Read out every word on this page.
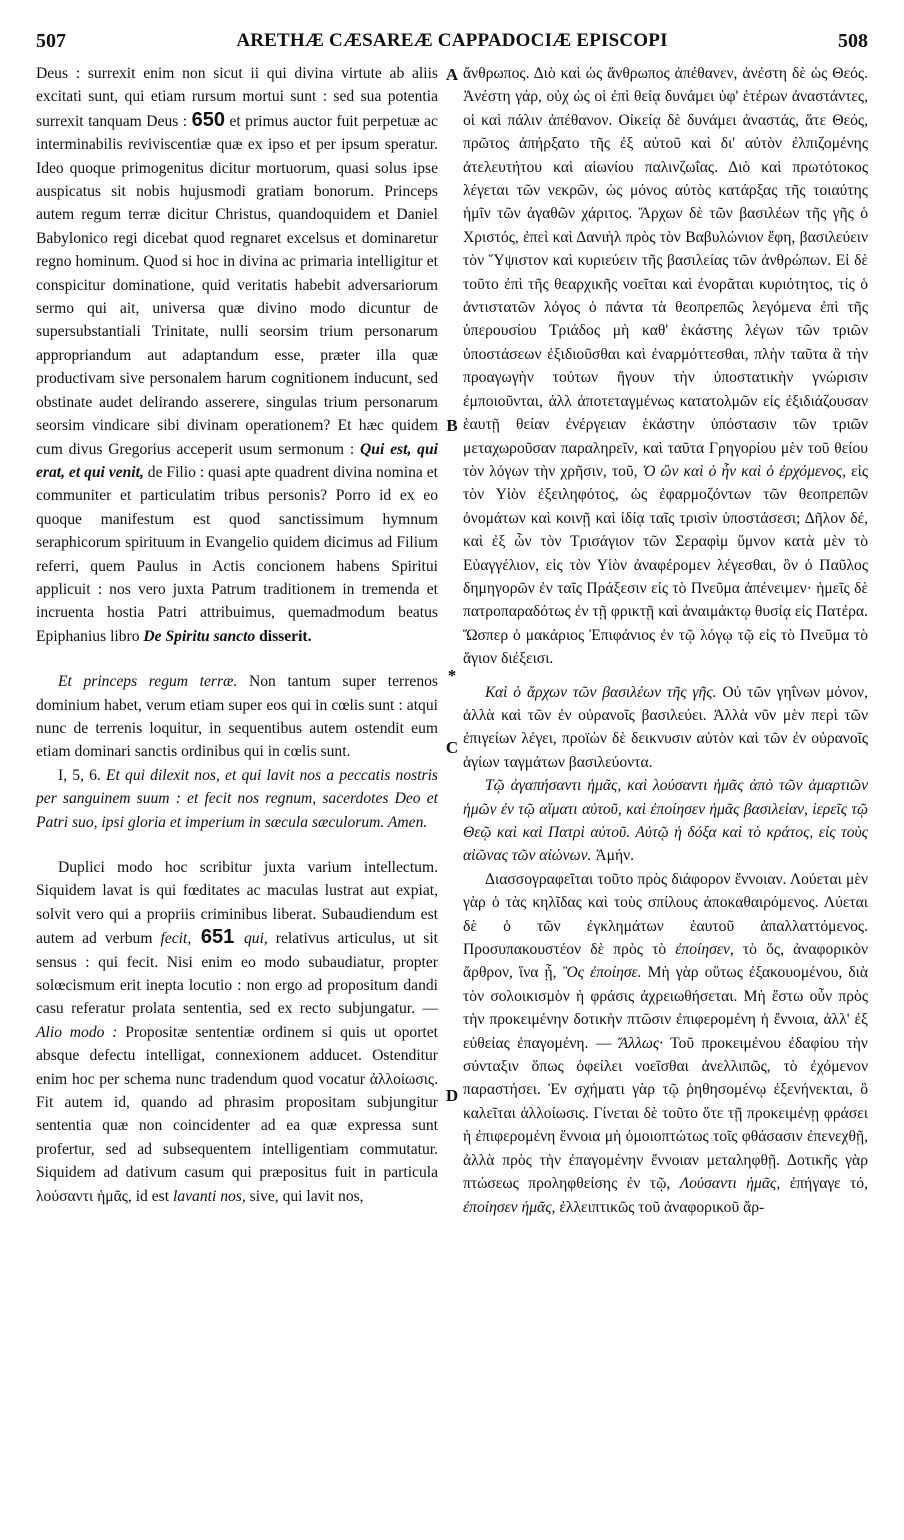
507	ARETHÆ CÆSAREÆ CAPPADOCIÆ EPISCOPI	508
A
B
*
C
D

Deus : surrexit enim non sicut ii qui divina virtute ab aliis excitati sunt, qui etiam rursum mortui sunt : sed sua potentia surrexit tanquam Deus : 650 et primus auctor fuit perpetuæ ac interminabilis reviviscentiæ quæ ex ipso et per ipsum speratur. Ideo quoque primogenitus dicitur mortuorum, quasi solus ipse auspicatus sit nobis hujusmodi gratiam bonorum. Princeps autem regum terræ dicitur Christus, quandoquidem et Daniel Babylonico regi dicebat quod regnaret excelsus et dominaretur regno hominum. Quod si hoc in divina ac primaria intelligitur et conspicitur dominatione, quid veritatis habebit adversariorum sermo qui ait, universa quæ divino modo dicuntur de supersubstantiali Trinitate, nulli seorsim trium personarum appropriandum aut adaptandum esse, præter illa quæ productivam sive personalem harum cognitionem inducunt, sed obstinate audet delirando asserere, singulas trium personarum seorsim vindicare sibi divinam operationem? Et hæc quidem cum divus Gregorius acceperit usum sermonum : Qui est, qui erat, et qui venit, de Filio : quasi apte quadrent divina nomina et communiter et particulatim tribus personis? Porro id ex eo quoque manifestum est quod sanctissimum hymnum seraphicorum spirituum in Evangelio quidem dicimus ad Filium referri, quem Paulus in Actis concionem habens Spiritui applicuit : nos vero juxta Patrum traditionem in tremenda et incruenta hostia Patri attribuimus, quemadmodum beatus Epiphanius libro De Spiritu sancto disserit.

Et princeps regum terræ. Non tantum super terrenos dominium habet, verum etiam super eos qui in cœlis sunt : atqui nunc de terrenis loquitur, in sequentibus autem ostendit eum etiam dominari sanctis ordinibus qui in cœlis sunt.

I, 5, 6. Et qui dilexit nos, et qui lavit nos a peccatis nostris per sanguinem suum : et fecit nos regnum, sacerdotes Deo et Patri suo, ipsi gloria et imperium in sæcula sæculorum. Amen.

Duplici modo hoc scribitur juxta varium intellectum. Siquidem lavat is qui fœditates ac maculas lustrat aut expiat, solvit vero qui a propriis criminibus liberat. Subaudiendum est autem ad verbum fecit, 651 qui, relativus articulus, ut sit sensus : qui fecit. Nisi enim eo modo subaudiatur, propter solœcismum erit inepta locutio : non ergo ad propositum dandi casu referatur prolata sententia, sed ex recto subjungatur. — Alio modo : Propositæ sententiæ ordinem si quis ut oportet absque defectu intelligat, connexionem adducet. Ostenditur enim hoc per schema nunc tradendum quod vocatur ἀλλοίωσις. Fit autem id, quando ad phrasim propositam subjungitur sententia quæ non coincidenter ad ea quæ expressa sunt profertur, sed ad subsequentem intelligentiam commutatur. Siquidem ad dativum casum qui præpositus fuit in particula λούσαντι ἡμᾶς, id est lavanti nos, sive, qui lavit nos,

ἄνθρωπος. Διὸ καὶ ὡς ἄνθρωπος ἀπέθανεν, ἀνέστη δὲ ὡς Θεός. Ἀνέστη γάρ, οὐχ ὡς οἱ ἐπὶ θείᾳ δυνάμει ὑφ' ἑτέρων ἀναστάντες, οἱ καὶ πάλιν ἀπέθανον. Οἰκείᾳ δὲ δυνάμει ἀναστάς, ἅτε Θεός, πρῶτος ἀπήρξατο τῆς ἐξ αὐτοῦ καὶ δι' αὐτὸν ἐλπιζομένης ἀτελευτήτου καὶ αἰωνίου παλινζωΐας. Διὸ καὶ πρωτότοκος λέγεται τῶν νεκρῶν, ὡς μόνος αὐτὸς κατάρξας τῆς τοιαύτης ἡμῖν τῶν ἀγαθῶν χάριτος. Ἄρχων δὲ τῶν βασιλέων τῆς γῆς ὁ Χριστός, ἐπεὶ καὶ Δανιὴλ πρὸς τὸν Βαβυλώνιον ἔφη, βασιλεύειν τὸν Ὕψιστον καὶ κυριεύειν τῆς βασιλείας τῶν ἀνθρώπων. Εἰ δὲ τοῦτο ἐπὶ τῆς θεαρχικῆς νοεῖται καὶ ἐνορᾶται κυριότητος, τίς ὁ ἀντιστατῶν λόγος ὁ πάντα τὰ θεοπρεπῶς λεγόμενα ἐπὶ τῆς ὑπερουσίου Τριάδος μὴ καθ' ἑκάστης λέγων τῶν τριῶν ὑποστάσεων ἐξιδιοῦσθαι καὶ ἐναρμόττεσθαι, πλὴν ταῦτα ἃ τὴν προαγωγὴν τούτων ἤγουν τὴν ὑποστατικὴν γνώρισιν ἐμποιοῦνται, ἀλλ ἀποτεταγμένως κατατολμῶν εἰς ἐξιδιάζουσαν ἑαυτῇ θείαν ἐνέργειαν ἑκάστην ὑπόστασιν τῶν τριῶν μεταχωροῦσαν παραληρεῖν, καὶ ταῦτα Γρηγορίου μὲν τοῦ θείου τὸν λόγων τὴν χρῆσιν, τοῦ, Ὁ ὢν καὶ ὁ ἦν καὶ ὁ ἐρχόμενος, εἰς τὸν Υἱὸν ἐξειληφότος, ὡς ἐφαρμοζόντων τῶν θεοπρεπῶν ὀνομάτων καὶ κοινῇ καὶ ἰδίᾳ ταῖς τρισὶν ὑποστάσεσι; Δῆλον δέ, καὶ ἐξ ὧν τὸν Τρισάγιον τῶν Σεραφὶμ ὕμνον κατὰ μὲν τὸ Εὐαγγέλιον, εἰς τὸν Υἱὸν ἀναφέρομεν λέγεσθαι, ὃν ὁ Παῦλος δημηγορῶν ἐν ταῖς Πράξεσιν εἰς τὸ Πνεῦμα ἀπένειμεν· ἡμεῖς δὲ πατροπαραδότως ἐν τῇ φρικτῇ καὶ ἀναιμάκτῳ θυσίᾳ εἰς Πατέρα. Ὥσπερ ὁ μακάριος Ἐπιφάνιος ἐν τῷ λόγῳ τῷ εἰς τὸ Πνεῦμα τὸ ἅγιον διέξεισι.

Καὶ ὁ ἄρχων τῶν βασιλέων τῆς γῆς. Οὐ τῶν γηΐνων μόνον, ἀλλὰ καὶ τῶν ἐν οὐρανοῖς βασιλεύει. Ἀλλὰ νῦν μὲν περὶ τῶν ἐπιγείων λέγει, προϊὼν δὲ δεικνυσιν αὐτὸν καὶ τῶν ἐν οὐρανοῖς ἁγίων ταγμάτων βασιλεύοντα.

Τῷ ἀγαπήσαντι ἡμᾶς, καὶ λούσαντι ἡμᾶς ἀπὸ τῶν ἁμαρτιῶν ἡμῶν ἐν τῷ αἵματι αὐτοῦ, καὶ ἐποίησεν ἡμᾶς βασιλείαν, ἱερεῖς τῷ Θεῷ καὶ καὶ Πατρὶ αὐτοῦ. Αὐτῷ ἡ δόξα καὶ τὸ κράτος, εἰς τοὺς αἰῶνας τῶν αἰώνων. Ἀμήν.

Διασσογραφεῖται τοῦτο πρὸς διάφορον ἔννοιαν. Λούεται μὲν γὰρ ὁ τὰς κηλῖδας καὶ τοὺς σπίλους ἀποκαθαιρόμενος. Λύεται δὲ ὁ τῶν ἐγκλημάτων ἑαυτοῦ ἀπαλλαττόμενος. Προσυπακουστέον δὲ πρὸς τὸ ἐποίησεν, τὸ ὅς, ἀναφορικὸν ἄρθρον, ἵνα ᾖ, Ὃς ἐποίησε. Μὴ γὰρ οὕτως ἐξακουομένου, διὰ τὸν σολοικισμὸν ἡ φράσις ἀχρειωθήσεται. Μὴ ἔστω οὖν πρὸς τὴν προκειμένην δοτικὴν πτῶσιν ἐπιφερομένη ἡ ἔννοια, ἀλλ' ἐξ εὐθείας ἐπαγομένη. — Ἄλλως· Τοῦ προκειμένου ἐδαφίου τὴν σύνταξιν ὅπως ὀφείλει νοεῖσθαι ἀνελλιπῶς, τὸ ἐχόμενον παραστήσει. Ἐν σχήματι γὰρ τῷ ῥηθησομένῳ ἐξενήνεκται, ὃ καλεῖται ἀλλοίωσις. Γίνεται δὲ τοῦτο ὅτε τῇ προκειμένῃ φράσει ἡ ἐπιφερομένη ἔννοια μὴ ὁμοιοπτώτως τοῖς φθάσασιν ἐπενεχθῇ, ἀλλὰ πρὸς τὴν ἐπαγομένην ἔννοιαν μεταληφθῇ. Δοτικῆς γὰρ πτώσεως προληφθείσης ἐν τῷ, Λούσαντι ἡμᾶς, ἐπήγαγε τό, ἐποίησεν ἡμᾶς, ἐλλειπτικῶς τοῦ ἀναφορικοῦ ἄρ-
